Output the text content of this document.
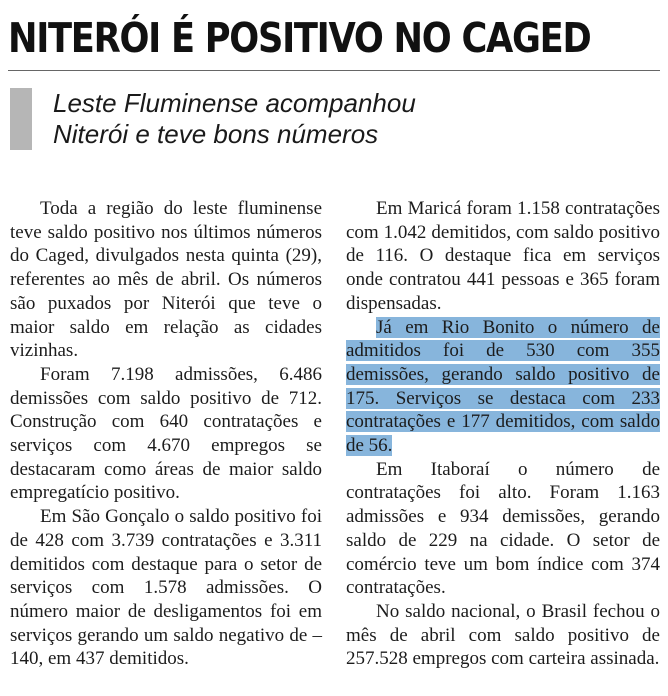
NITERÓI É POSITIVO NO CAGED
Leste Fluminense acompanhou
Niterói e teve bons números

Toda a região do leste fluminense teve saldo positivo nos últimos números do Caged, divulgados nesta quinta (29), referentes ao mês de abril. Os números são puxados por Niterói que teve o maior saldo em relação as cidades vizinhas.

Foram 7.198 admissões, 6.486 demissões com saldo positivo de 712. Construção com 640 contratações e serviços com 4.670 empregos se destacaram como áreas de maior saldo empregatício positivo.

Em São Gonçalo o saldo positivo foi de 428 com 3.739 contratações e 3.311 demitidos com destaque para o setor de serviços com 1.578 admissões. O número maior de desligamentos foi em serviços gerando um saldo negativo de – 140, em 437 demitidos.

Em Maricá foram 1.158 contratações com 1.042 demitidos, com saldo positivo de 116. O destaque fica em serviços onde contratou 441 pessoas e 365 foram dispensadas.

Já em Rio Bonito o número de admitidos foi de 530 com 355 demissões, gerando saldo positivo de 175. Serviços se destaca com 233 contratações e 177 demitidos, com saldo de 56.

Em Itaboraí o número de contratações foi alto. Foram 1.163 admissões e 934 demissões, gerando saldo de 229 na cidade. O setor de comércio teve um bom índice com 374 contratações.

No saldo nacional, o Brasil fechou o mês de abril com saldo positivo de 257.528 empregos com carteira assinada.
